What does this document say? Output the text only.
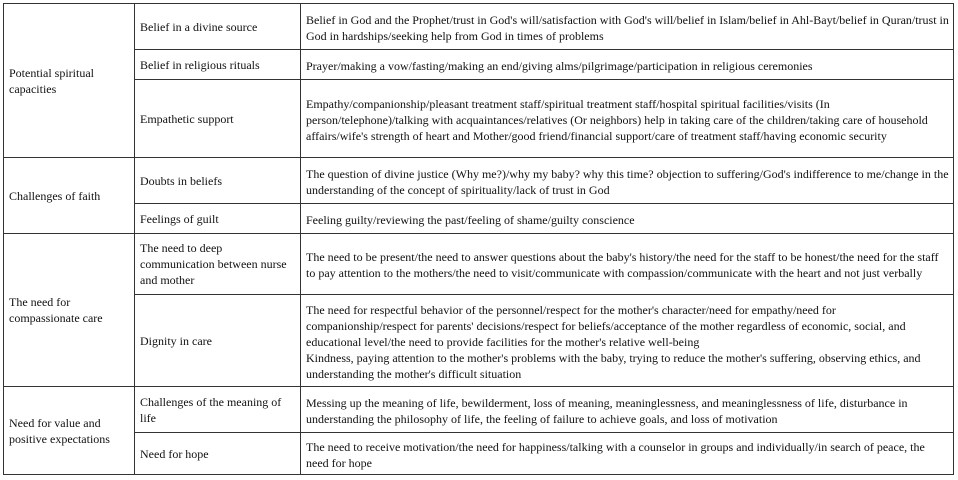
Potential spiritual capacities	Belief in a divine source	Belief in God and the Prophet/trust in God's will/satisfaction with God's will/belief in Islam/belief in Ahl-Bayt/belief in Quran/trust in God in hardships/seeking help from God in times of problems

	Belief in religious rituals	Prayer/making a vow/fasting/making an end/giving alms/pilgrimage/participation in religious ceremonies

	Empathetic support	Empathy/companionship/pleasant treatment staff/spiritual treatment staff/hospital spiritual facilities/visits (In person/telephone)/talking with acquaintances/relatives (Or neighbors) help in taking care of the children/taking care of household affairs/wife's strength of heart and Mother/good friend/financial support/care of treatment staff/having economic security

Challenges of faith	Doubts in beliefs	The question of divine justice (Why me?)/why my baby? why this time? objection to suffering/God's indifference to me/change in the understanding of the concept of spirituality/lack of trust in God

	Feelings of guilt	Feeling guilty/reviewing the past/feeling of shame/guilty conscience

The need for compassionate care	The need to deep communication between nurse and mother	The need to be present/the need to answer questions about the baby's history/the need for the staff to be honest/the need for the staff to pay attention to the mothers/the need to visit/communicate with compassion/communicate with the heart and not just verbally

	Dignity in care	The need for respectful behavior of the personnel/respect for the mother's character/need for empathy/need for companionship/respect for parents' decisions/respect for beliefs/acceptance of the mother regardless of economic, social, and educational level/the need to provide facilities for the mother's relative well-being
Kindness, paying attention to the mother's problems with the baby, trying to reduce the mother's suffering, observing ethics, and understanding the mother's difficult situation

Need for value and positive expectations	Challenges of the meaning of life	Messing up the meaning of life, bewilderment, loss of meaning, meaninglessness, and meaninglessness of life, disturbance in understanding the philosophy of life, the feeling of failure to achieve goals, and loss of motivation

	Need for hope	The need to receive motivation/the need for happiness/talking with a counselor in groups and individually/in search of peace, the need for hope
